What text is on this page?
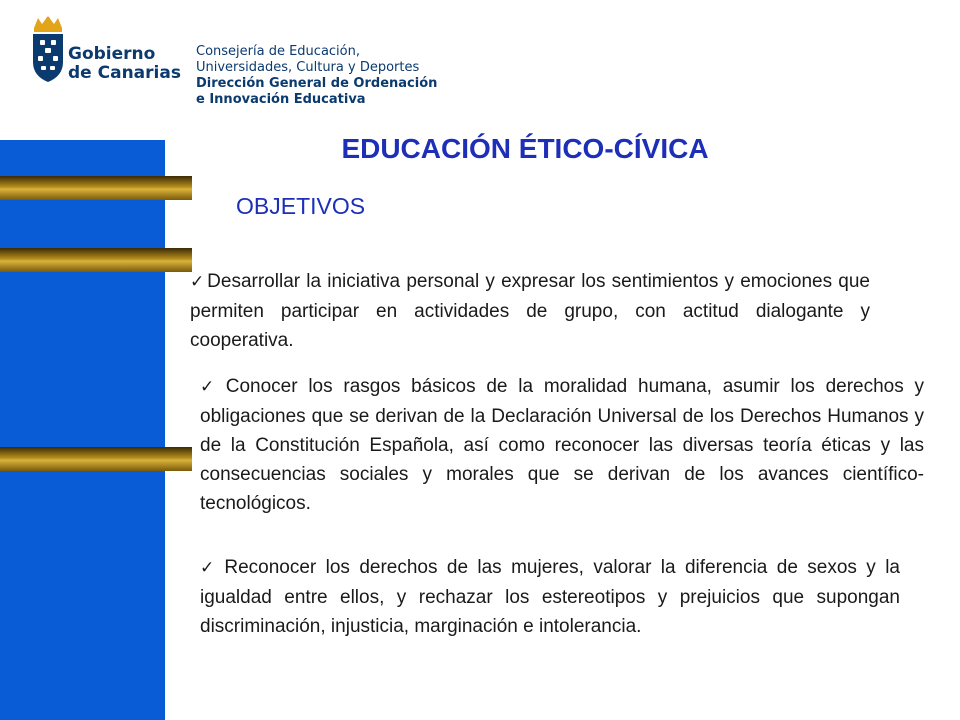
Gobierno
de Canarias
Consejería de Educación,
Universidades, Cultura y Deportes
Dirección General de Ordenación
e Innovación Educativa
EDUCACIÓN ÉTICO-CÍVICA
OBJETIVOS
✓ Desarrollar la iniciativa personal y expresar los sentimientos y emociones que permiten participar en actividades de grupo, con actitud dialogante y cooperativa.
✓ Conocer los rasgos básicos de la moralidad humana, asumir los derechos y obligaciones que se derivan de la Declaración Universal de los Derechos Humanos y de la Constitución Española, así como reconocer las diversas teoría éticas y las consecuencias sociales y morales que se derivan de los avances científico-tecnológicos.
✓ Reconocer los derechos de las mujeres, valorar la diferencia de sexos y la igualdad entre ellos, y rechazar los estereotipos y prejuicios que supongan discriminación, injusticia, marginación e intolerancia.
